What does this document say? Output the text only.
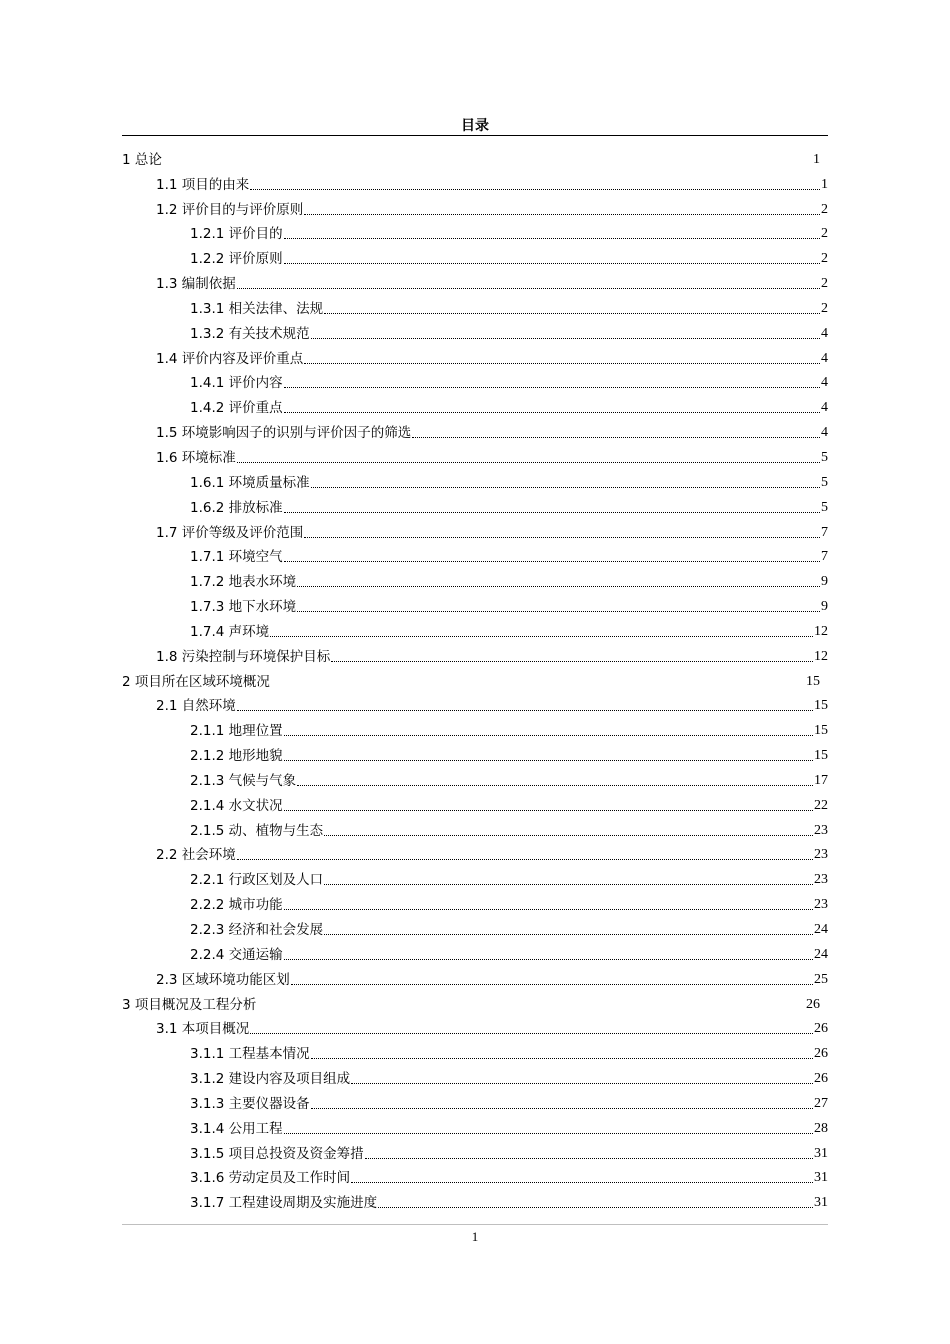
目录
1 总论	1
1.1 项目的由来	1
1.2 评价目的与评价原则	2
1.2.1 评价目的	2
1.2.2 评价原则	2
1.3 编制依据	2
1.3.1 相关法律、法规	2
1.3.2 有关技术规范	4
1.4 评价内容及评价重点	4
1.4.1 评价内容	4
1.4.2 评价重点	4
1.5 环境影响因子的识别与评价因子的筛选	4
1.6 环境标准	5
1.6.1 环境质量标准	5
1.6.2 排放标准	5
1.7 评价等级及评价范围	7
1.7.1 环境空气	7
1.7.2 地表水环境	9
1.7.3 地下水环境	9
1.7.4 声环境	12
1.8 污染控制与环境保护目标	12
2 项目所在区域环境概况	15
2.1 自然环境	15
2.1.1 地理位置	15
2.1.2 地形地貌	15
2.1.3 气候与气象	17
2.1.4 水文状况	22
2.1.5 动、植物与生态	23
2.2 社会环境	23
2.2.1 行政区划及人口	23
2.2.2 城市功能	23
2.2.3 经济和社会发展	24
2.2.4 交通运输	24
2.3 区域环境功能区划	25
3 项目概况及工程分析	26
3.1 本项目概况	26
3.1.1 工程基本情况	26
3.1.2 建设内容及项目组成	26
3.1.3 主要仪器设备	27
3.1.4 公用工程	28
3.1.5 项目总投资及资金筹措	31
3.1.6 劳动定员及工作时间	31
3.1.7 工程建设周期及实施进度	31
1
